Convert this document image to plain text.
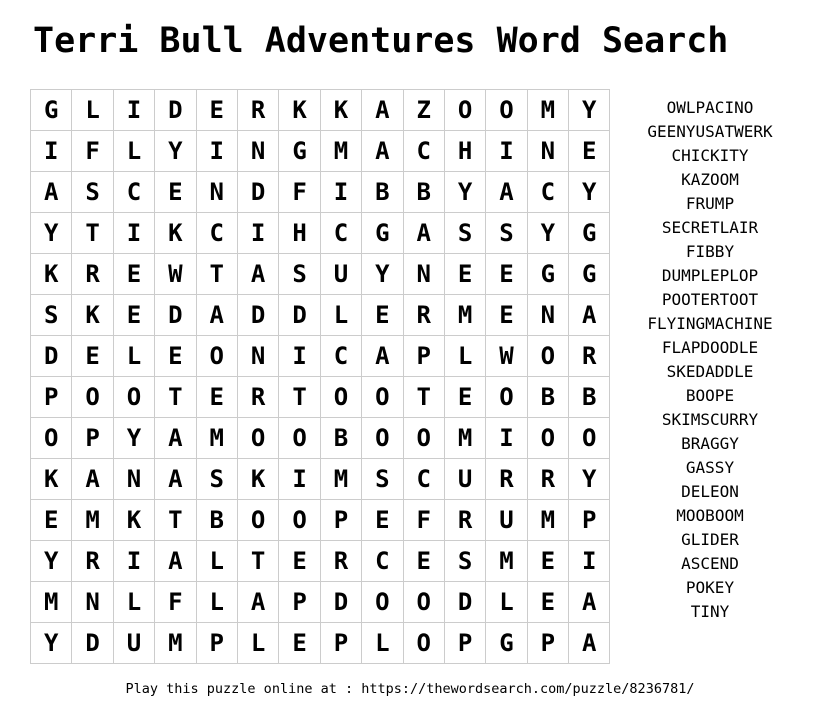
Terri Bull Adventures Word Search
G	L	I	D	E	R	K	K	A	Z	O	O	M	Y
I	F	L	Y	I	N	G	M	A	C	H	I	N	E
A	S	C	E	N	D	F	I	B	B	Y	A	C	Y
Y	T	I	K	C	I	H	C	G	A	S	S	Y	G
K	R	E	W	T	A	S	U	Y	N	E	E	G	G
S	K	E	D	A	D	D	L	E	R	M	E	N	A
D	E	L	E	O	N	I	C	A	P	L	W	O	R
P	O	O	T	E	R	T	O	O	T	E	O	B	B
O	P	Y	A	M	O	O	B	O	O	M	I	O	O
K	A	N	A	S	K	I	M	S	C	U	R	R	Y
E	M	K	T	B	O	O	P	E	F	R	U	M	P
Y	R	I	A	L	T	E	R	C	E	S	M	E	I
M	N	L	F	L	A	P	D	O	O	D	L	E	A
Y	D	U	M	P	L	E	P	L	O	P	G	P	A
OWLPACINO
GEENYUSATWERK
CHICKITY
KAZOOM
FRUMP
SECRETLAIR
FIBBY
DUMPLEPLOP
POOTERTOOT
FLYINGMACHINE
FLAPDOODLE
SKEDADDLE
BOOPE
SKIMSCURRY
BRAGGY
GASSY
DELEON
MOOBOOM
GLIDER
ASCEND
POKEY
TINY
Play this puzzle online at : https://thewordsearch.com/puzzle/8236781/
